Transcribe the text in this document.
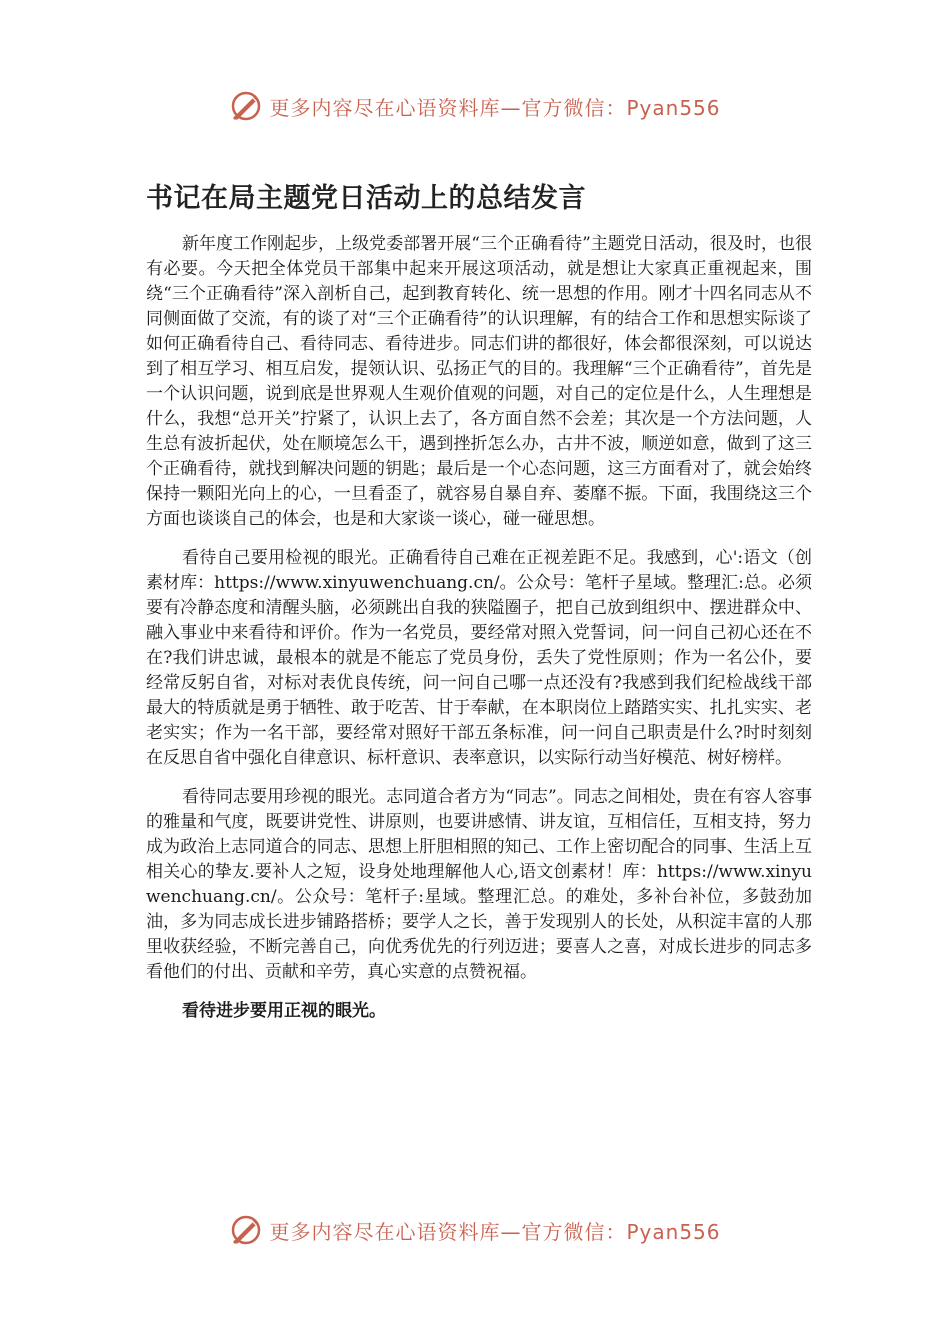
更多内容尽在心语资料库—官方微信：Pyan556
书记在局主题党日活动上的总结发言

新年度工作刚起步，上级党委部署开展“三个正确看待”主题党日活动，很及时，也很有必要。今天把全体党员干部集中起来开展这项活动，就是想让大家真正重视起来，围绕“三个正确看待”深入剖析自己，起到教育转化、统一思想的作用。刚才十四名同志从不同侧面做了交流，有的谈了对“三个正确看待”的认识理解，有的结合工作和思想实际谈了如何正确看待自己、看待同志、看待进步。同志们讲的都很好，体会都很深刻，可以说达到了相互学习、相互启发，提领认识、弘扬正气的目的。我理解“三个正确看待”，首先是一个认识问题，说到底是世界观人生观价值观的问题，对自己的定位是什么，人生理想是什么，我想“总开关”拧紧了，认识上去了，各方面自然不会差；其次是一个方法问题，人生总有波折起伏，处在顺境怎么干，遇到挫折怎么办，古井不波，顺逆如意，做到了这三个正确看待，就找到解决问题的钥匙；最后是一个心态问题，这三方面看对了，就会始终保持一颗阳光向上的心，一旦看歪了，就容易自暴自弃、萎靡不振。下面，我围绕这三个方面也谈谈自己的体会，也是和大家谈一谈心，碰一碰思想。

看待自己要用检视的眼光。正确看待自己难在正视差距不足。我感到，心':语文（创素材库：https://www.xinyuwenchuang.cn/。公众号：笔杆子星域。整理汇:总。必须要有冷静态度和清醒头脑，必须跳出自我的狭隘圈子，把自己放到组织中、摆进群众中、融入事业中来看待和评价。作为一名党员，要经常对照入党誓词，问一问自己初心还在不在?我们讲忠诚，最根本的就是不能忘了党员身份，丢失了党性原则；作为一名公仆，要经常反躬自省，对标对表优良传统，问一问自己哪一点还没有?我感到我们纪检战线干部最大的特质就是勇于牺牲、敢于吃苦、甘于奉献，在本职岗位上踏踏实实、扎扎实实、老老实实；作为一名干部，要经常对照好干部五条标准，问一问自己职责是什么?时时刻刻在反思自省中强化自律意识、标杆意识、表率意识，以实际行动当好模范、树好榜样。

看待同志要用珍视的眼光。志同道合者方为“同志”。同志之间相处，贵在有容人容事的雅量和气度，既要讲党性、讲原则，也要讲感情、讲友谊，互相信任，互相支持，努力成为政治上志同道合的同志、思想上肝胆相照的知己、工作上密切配合的同事、生活上互相关心的挚友.要补人之短，设身处地理解他人心,语文创素材！库：https://www.xinyuwenchuang.cn/。公众号：笔杆子:星域。整理汇总。的难处，多补台补位，多鼓劲加油，多为同志成长进步铺路搭桥；要学人之长，善于发现别人的长处，从积淀丰富的人那里收获经验，不断完善自己，向优秀优先的行列迈进；要喜人之喜，对成长进步的同志多看他们的付出、贡献和辛劳，真心实意的点赞祝福。

看待进步要用正视的眼光。

更多内容尽在心语资料库—官方微信：Pyan556
